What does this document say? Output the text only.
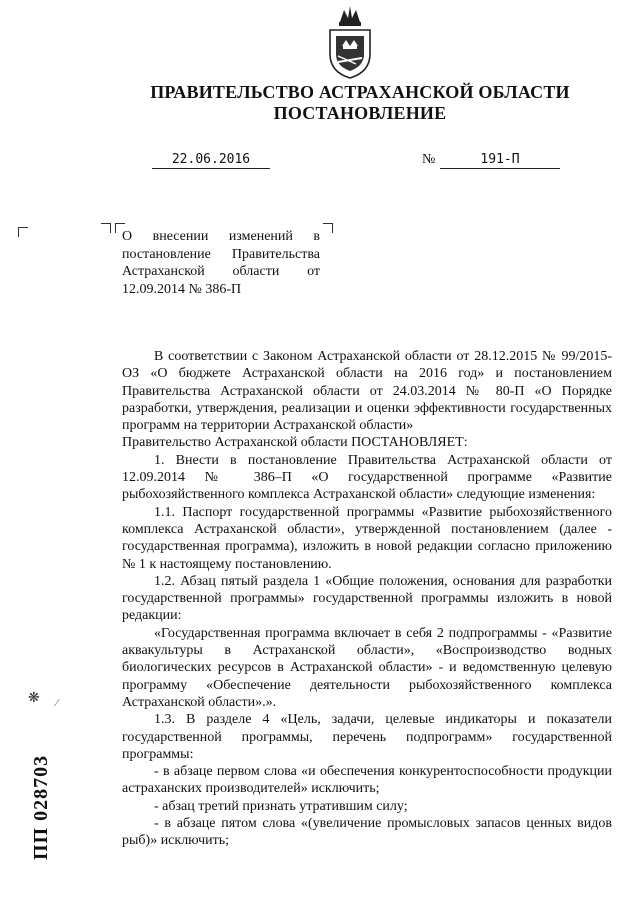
ПРАВИТЕЛЬСТВО АСТРАХАНСКОЙ ОБЛАСТИ
ПОСТАНОВЛЕНИЕ
22.06.2016	№	191-П
О внесении изменений в постановление Правительства Астраханской области от 12.09.2014 № 386-П

В соответствии с Законом Астраханской области от 28.12.2015 № 99/2015-ОЗ «О бюджете Астраханской области на 2016 год» и постановлением Правительства Астраханской области от 24.03.2014 № 80-П «О Порядке разработки, утверждения, реализации и оценки эффективности государственных программ на территории Астраханской области»

Правительство Астраханской области ПОСТАНОВЛЯЕТ:

1. Внести в постановление Правительства Астраханской области от 12.09.2014 № 386–П «О государственной программе «Развитие рыбохозяйственного комплекса Астраханской области» следующие изменения:

1.1. Паспорт государственной программы «Развитие рыбохозяйственного комплекса Астраханской области», утвержденной постановлением (далее - государственная программа), изложить в новой редакции согласно приложению № 1 к настоящему постановлению.

1.2. Абзац пятый раздела 1 «Общие положения, основания для разработки государственной программы» государственной программы изложить в новой редакции:

«Государственная программа включает в себя 2 подпрограммы - «Развитие аквакультуры в Астраханской области», «Воспроизводство водных биологических ресурсов в Астраханской области» - и ведомственную целевую программу «Обеспечение деятельности рыбохозяйственного комплекса Астраханской области».».

1.3. В разделе 4 «Цель, задачи, целевые индикаторы и показатели государственной программы, перечень подпрограмм» государственной программы:

- в абзаце первом слова «и обеспечения конкурентоспособности продукции астраханских производителей» исключить;

- абзац третий признать утратившим силу;

- в абзаце пятом слова «(увеличение промысловых запасов ценных видов рыб)» исключить;

❋ ⁄
ПП 028703
